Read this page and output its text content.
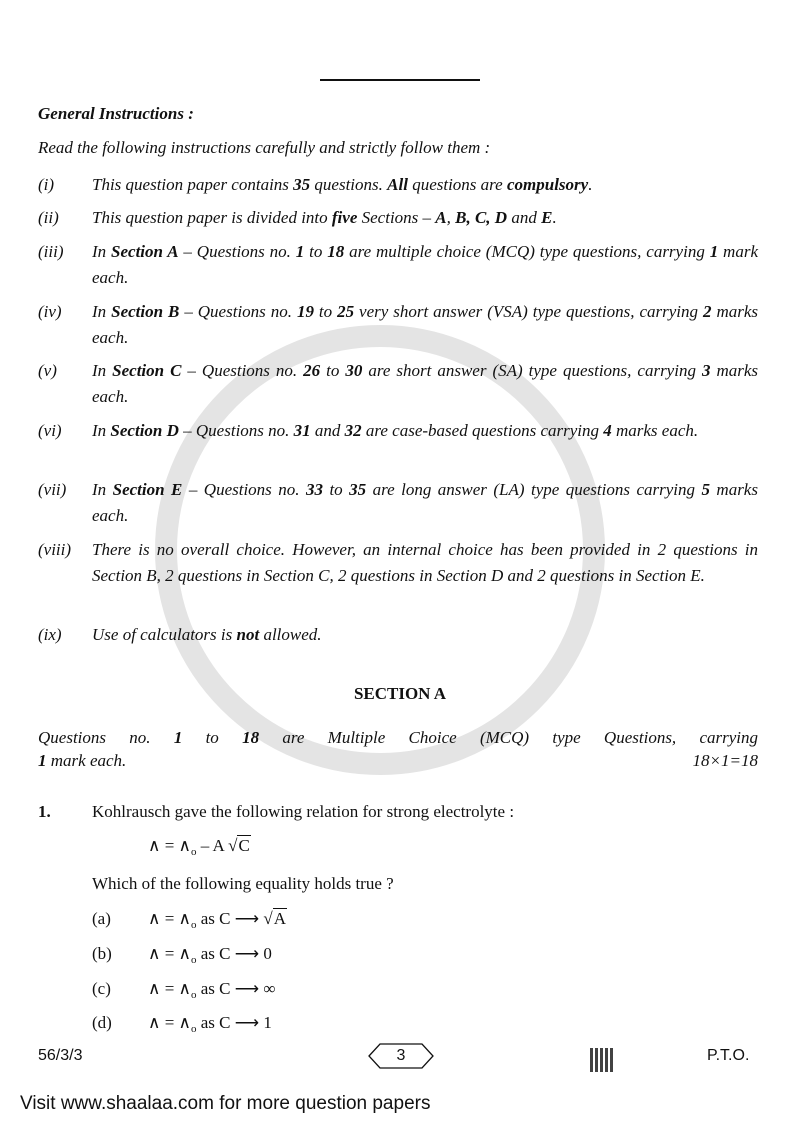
General Instructions :
Read the following instructions carefully and strictly follow them :
(i)	This question paper contains 35 questions. All questions are compulsory.
(ii)	This question paper is divided into five Sections – A, B, C, D and E.
(iii)	In Section A – Questions no. 1 to 18 are multiple choice (MCQ) type questions, carrying 1 mark each.
(iv)	In Section B – Questions no. 19 to 25 very short answer (VSA) type questions, carrying 2 marks each.
(v)	In Section C – Questions no. 26 to 30 are short answer (SA) type questions, carrying 3 marks each.
(vi)	In Section D – Questions no. 31 and 32 are case-based questions carrying 4 marks each.
(vii)	In Section E – Questions no. 33 to 35 are long answer (LA) type questions carrying 5 marks each.
(viii)	There is no overall choice. However, an internal choice has been provided in 2 questions in Section B, 2 questions in Section C, 2 questions in Section D and 2 questions in Section E.
(ix)	Use of calculators is not allowed.
SECTION A
Questions no. 1 to 18 are Multiple Choice (MCQ) type Questions, carrying
1 mark each.	18×1=18
1. Kohlrausch gave the following relation for strong electrolyte :
∧ = $\wedge_o$ – A √C
Which of the following equality holds true ?
(a) ∧ = $\wedge_o$ as C ⟶ √A
(b) ∧ = $\wedge_o$ as C ⟶ 0
(c) ∧ = $\wedge_o$ as C ⟶ ∞
(d) ∧ = $\wedge_o$ as C ⟶ 1
56/3/3	3	P.T.O.
Visit www.shaalaa.com for more question papers
